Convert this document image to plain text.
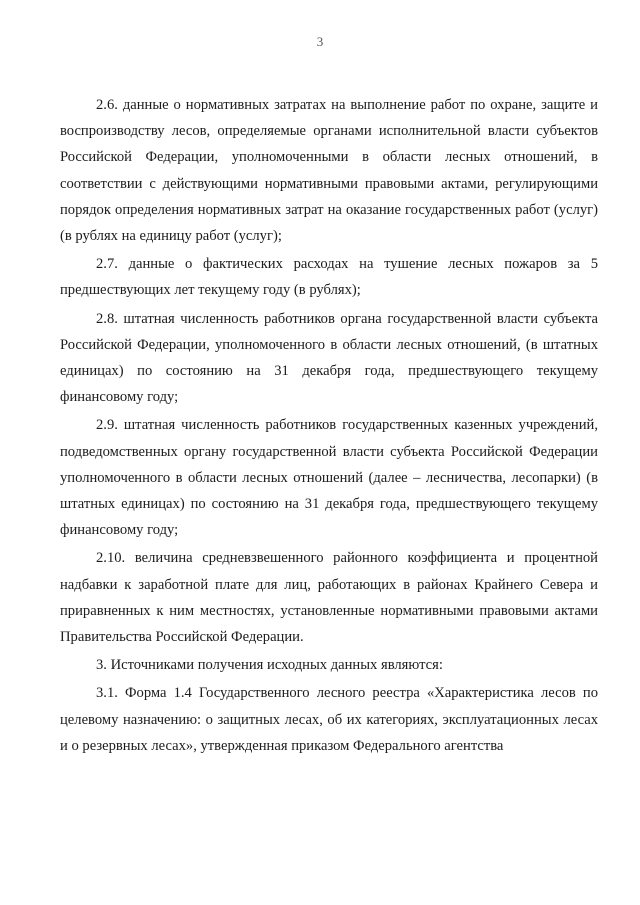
3

2.6. данные о нормативных затратах на выполнение работ по охране, защите и воспроизводству лесов, определяемые органами исполнительной власти субъектов Российской Федерации, уполномоченными в области лесных отношений, в соответствии с действующими нормативными правовыми актами, регулирующими порядок определения нормативных затрат на оказание государственных работ (услуг) (в рублях на единицу работ (услуг);

2.7. данные о фактических расходах на тушение лесных пожаров за 5 предшествующих лет текущему году (в рублях);

2.8. штатная численность работников органа государственной власти субъекта Российской Федерации, уполномоченного в области лесных отношений, (в штатных единицах) по состоянию на 31 декабря года, предшествующего текущему финансовому году;

2.9. штатная численность работников государственных казенных учреждений, подведомственных органу государственной власти субъекта Российской Федерации уполномоченного в области лесных отношений (далее – лесничества, лесопарки) (в штатных единицах) по состоянию на 31 декабря года, предшествующего текущему финансовому году;

2.10. величина средневзвешенного районного коэффициента и процентной надбавки к заработной плате для лиц, работающих в районах Крайнего Севера и приравненных к ним местностях, установленные нормативными правовыми актами Правительства Российской Федерации.

3. Источниками получения исходных данных являются:

3.1. Форма 1.4 Государственного лесного реестра «Характеристика лесов по целевому назначению: о защитных лесах, об их категориях, эксплуатационных лесах и о резервных лесах», утвержденная приказом Федерального агентства
